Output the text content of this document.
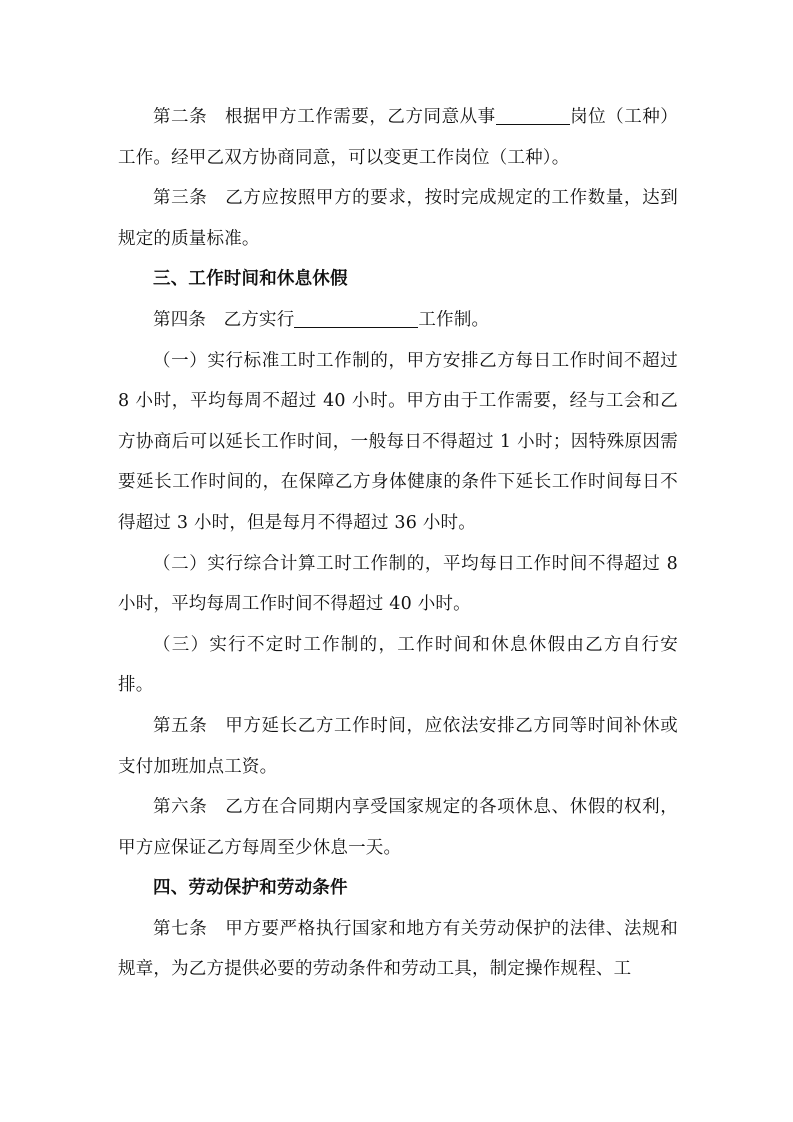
第二条 根据甲方工作需要，乙方同意从事	岗位（工种）工作。经甲乙双方协商同意，可以变更工作岗位（工种）。

第三条 乙方应按照甲方的要求，按时完成规定的工作数量，达到规定的质量标准。

三、工作时间和休息休假

第四条 乙方实行	工作制。

（一）实行标准工时工作制的，甲方安排乙方每日工作时间不超过 8 小时，平均每周不超过 40 小时。甲方由于工作需要，经与工会和乙方协商后可以延长工作时间，一般每日不得超过 1 小时；因特殊原因需要延长工作时间的，在保障乙方身体健康的条件下延长工作时间每日不得超过 3 小时，但是每月不得超过 36 小时。

（二）实行综合计算工时工作制的，平均每日工作时间不得超过 8 小时，平均每周工作时间不得超过 40 小时。

（三）实行不定时工作制的，工作时间和休息休假由乙方自行安排。

第五条 甲方延长乙方工作时间，应依法安排乙方同等时间补休或支付加班加点工资。

第六条 乙方在合同期内享受国家规定的各项休息、休假的权利，甲方应保证乙方每周至少休息一天。

四、劳动保护和劳动条件

第七条 甲方要严格执行国家和地方有关劳动保护的法律、法规和规章，为乙方提供必要的劳动条件和劳动工具，制定操作规程、工
